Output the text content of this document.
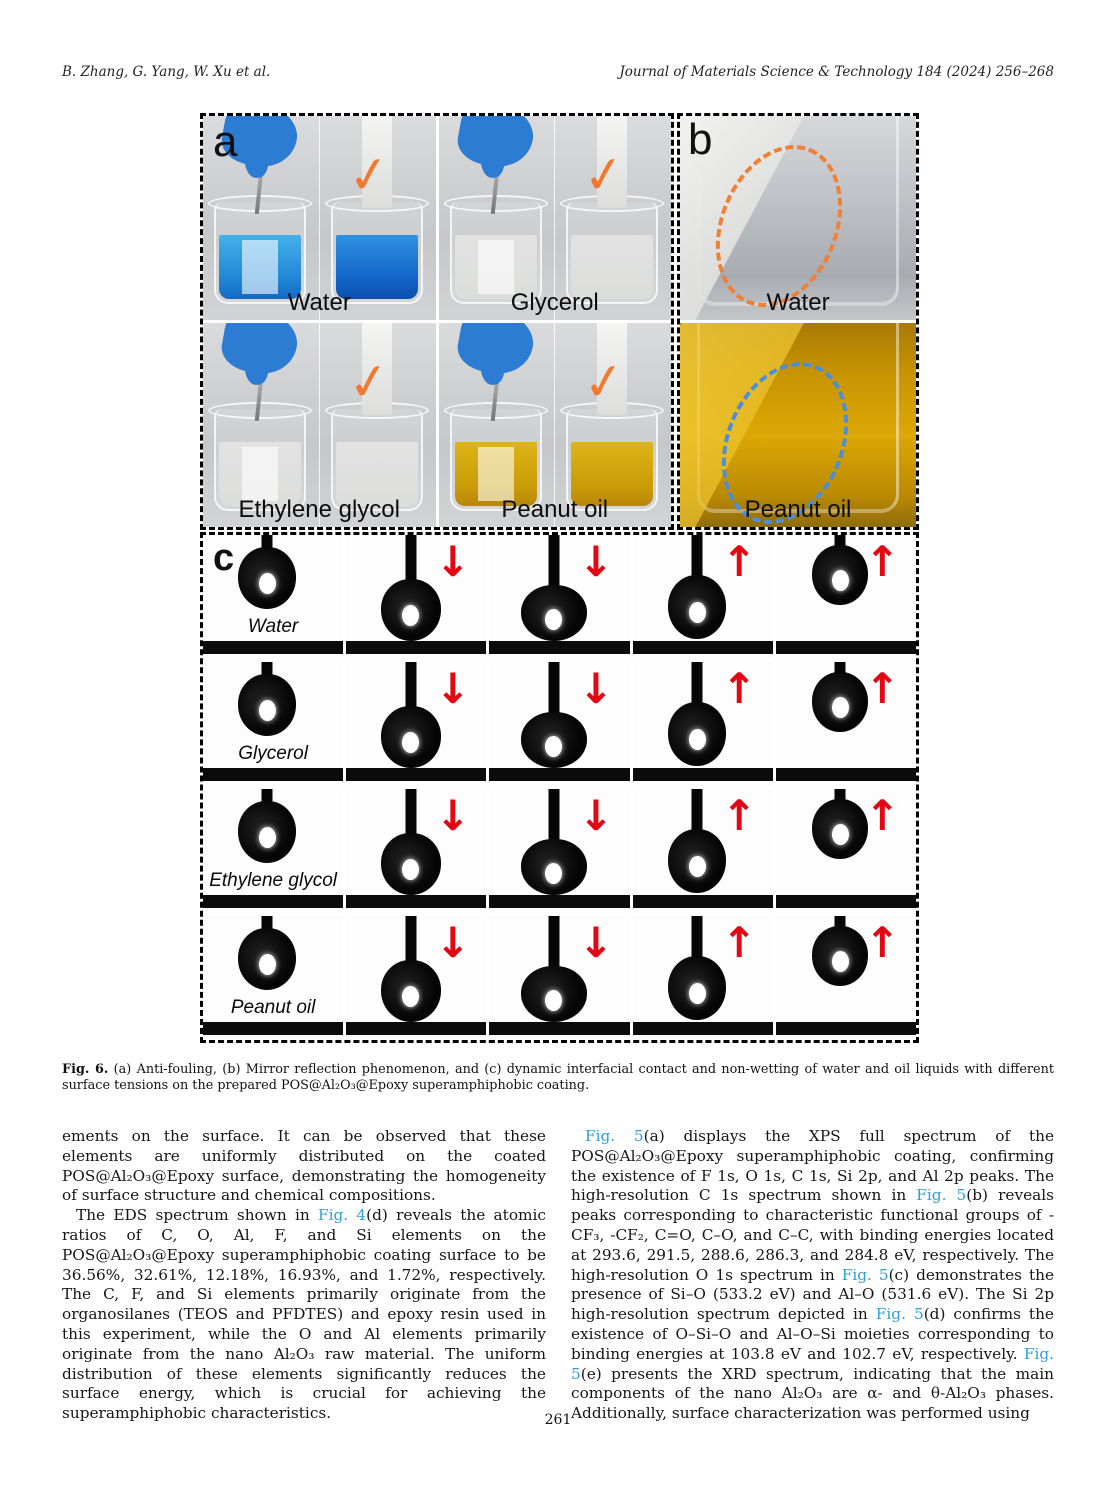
B. Zhang, G. Yang, W. Xu et al.	Journal of Materials Science & Technology 184 (2024) 256–268
a
✓
Water
✓
Glycerol
✓
Ethylene glycol
✓
Peanut oil
b
Water
Peanut oil
c
Water
↓	↓	↑	↑
Glycerol
↓	↓	↑	↑
Ethylene glycol
↓	↓	↑	↑
Peanut oil
↓	↓	↑	↑
Fig. 6. (a) Anti-fouling, (b) Mirror reflection phenomenon, and (c) dynamic interfacial contact and non-wetting of water and oil liquids with different surface tensions on the prepared POS@Al₂O₃@Epoxy superamphiphobic coating.

ements on the surface. It can be observed that these elements are uniformly distributed on the coated POS@Al₂O₃@Epoxy surface, demonstrating the homogeneity of surface structure and chemical compositions.

The EDS spectrum shown in Fig. 4(d) reveals the atomic ratios of C, O, Al, F, and Si elements on the POS@Al₂O₃@Epoxy superamphiphobic coating surface to be 36.56%, 32.61%, 12.18%, 16.93%, and 1.72%, respectively. The C, F, and Si elements primarily originate from the organosilanes (TEOS and PFDTES) and epoxy resin used in this experiment, while the O and Al elements primarily originate from the nano Al₂O₃ raw material. The uniform distribution of these elements significantly reduces the surface energy, which is crucial for achieving the superamphiphobic characteristics.

Fig. 5(a) displays the XPS full spectrum of the POS@Al₂O₃@Epoxy superamphiphobic coating, confirming the existence of F 1s, O 1s, C 1s, Si 2p, and Al 2p peaks. The high-resolution C 1s spectrum shown in Fig. 5(b) reveals peaks corresponding to characteristic functional groups of -CF₃, -CF₂, C=O, C–O, and C–C, with binding energies located at 293.6, 291.5, 288.6, 286.3, and 284.8 eV, respectively. The high-resolution O 1s spectrum in Fig. 5(c) demonstrates the presence of Si–O (533.2 eV) and Al–O (531.6 eV). The Si 2p high-resolution spectrum depicted in Fig. 5(d) confirms the existence of O–Si–O and Al–O–Si moieties corresponding to binding energies at 103.8 eV and 102.7 eV, respectively. Fig. 5(e) presents the XRD spectrum, indicating that the main components of the nano Al₂O₃ are α- and θ-Al₂O₃ phases. Additionally, surface characterization was performed using

261
